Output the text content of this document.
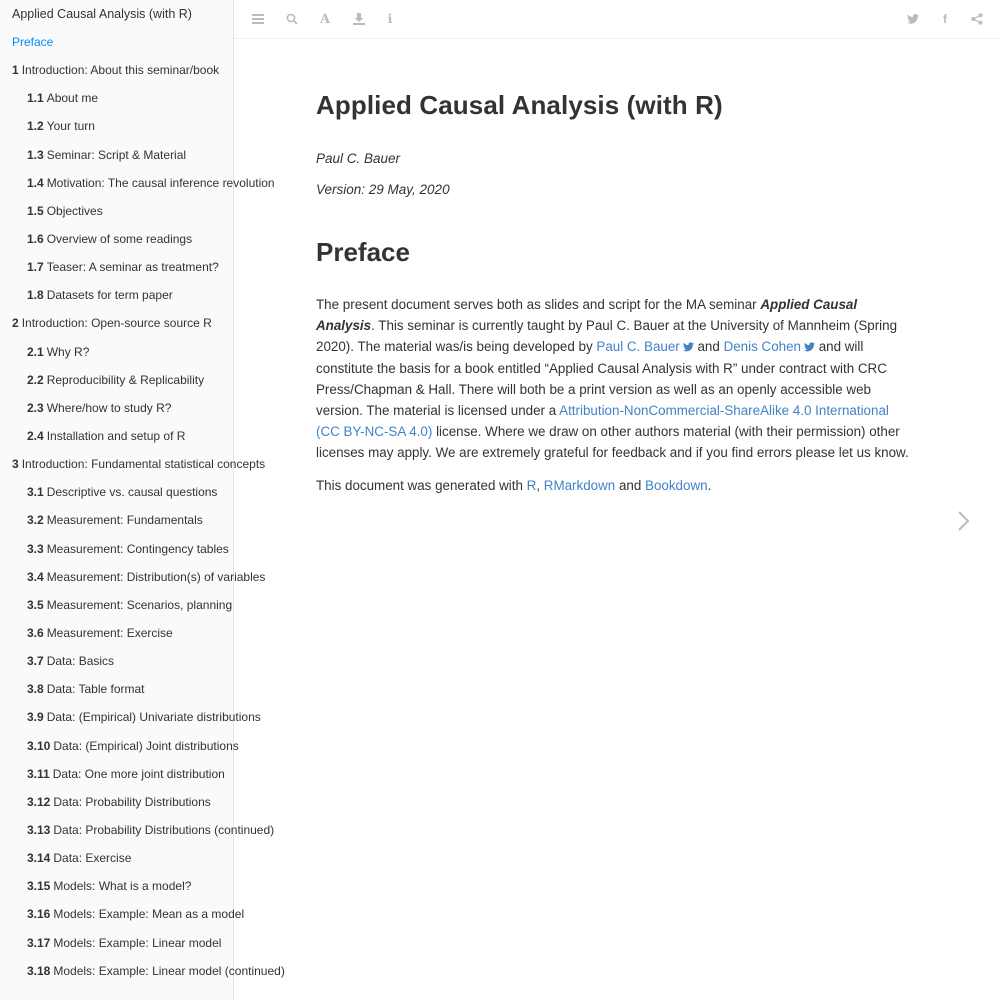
Applied Causal Analysis (with R)
Preface
1 Introduction: About this seminar/book
1.1 About me
1.2 Your turn
1.3 Seminar: Script & Material
1.4 Motivation: The causal inference revolution
1.5 Objectives
1.6 Overview of some readings
1.7 Teaser: A seminar as treatment?
1.8 Datasets for term paper
2 Introduction: Open-source source R
2.1 Why R?
2.2 Reproducibility & Replicability
2.3 Where/how to study R?
2.4 Installation and setup of R
3 Introduction: Fundamental statistical concepts
3.1 Descriptive vs. causal questions
3.2 Measurement: Fundamentals
3.3 Measurement: Contingency tables
3.4 Measurement: Distribution(s) of variables
3.5 Measurement: Scenarios, planning
3.6 Measurement: Exercise
3.7 Data: Basics
3.8 Data: Table format
3.9 Data: (Empirical) Univariate distributions
3.10 Data: (Empirical) Joint distributions
3.11 Data: One more joint distribution
3.12 Data: Probability Distributions
3.13 Data: Probability Distributions (continued)
3.14 Data: Exercise
3.15 Models: What is a model?
3.16 Models: Example: Mean as a model
3.17 Models: Example: Linear model
3.18 Models: Example: Linear model (continued)
A	i	f
Applied Causal Analysis (with R)

Paul C. Bauer

Version: 29 May, 2020

Preface

The present document serves both as slides and script for the MA seminar Applied Causal Analysis. This seminar is currently taught by Paul C. Bauer at the University of Mannheim (Spring 2020). The material was/is being developed by Paul C. Bauer and Denis Cohen and will constitute the basis for a book entitled “Applied Causal Analysis with R” under contract with CRC Press/Chapman & Hall. There will both be a print version as well as an openly accessible web version. The material is licensed under a Attribution-NonCommercial-ShareAlike 4.0 International (CC BY-NC-SA 4.0) license. Where we draw on other authors material (with their permission) other licenses may apply. We are extremely grateful for feedback and if you find errors please let us know.

This document was generated with R, RMarkdown and Bookdown.
